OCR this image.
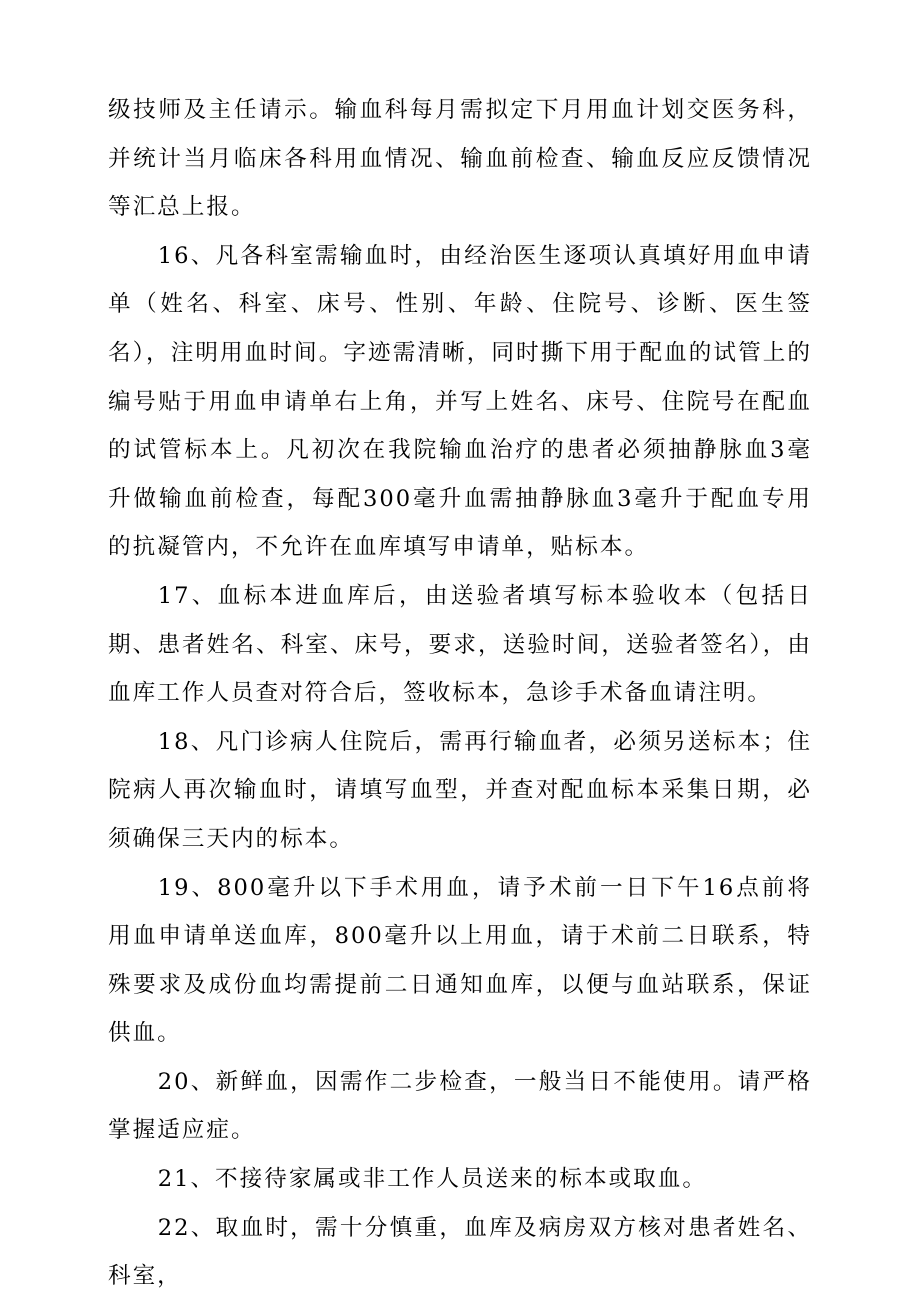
级技师及主任请示。输血科每月需拟定下月用血计划交医务科，并统计当月临床各科用血情况、输血前检查、输血反应反馈情况等汇总上报。

16、凡各科室需输血时，由经治医生逐项认真填好用血申请单（姓名、科室、床号、性别、年龄、住院号、诊断、医生签名），注明用血时间。字迹需清晰，同时撕下用于配血的试管上的编号贴于用血申请单右上角，并写上姓名、床号、住院号在配血的试管标本上。凡初次在我院输血治疗的患者必须抽静脉血3毫升做输血前检查，每配300毫升血需抽静脉血3毫升于配血专用的抗凝管内，不允许在血库填写申请单，贴标本。

17、血标本进血库后，由送验者填写标本验收本（包括日期、患者姓名、科室、床号，要求，送验时间，送验者签名），由血库工作人员查对符合后，签收标本，急诊手术备血请注明。

18、凡门诊病人住院后，需再行输血者，必须另送标本；住院病人再次输血时，请填写血型，并查对配血标本采集日期，必须确保三天内的标本。

19、800毫升以下手术用血，请予术前一日下午16点前将用血申请单送血库，800毫升以上用血，请于术前二日联系，特殊要求及成份血均需提前二日通知血库，以便与血站联系，保证供血。

20、新鲜血，因需作二步检查，一般当日不能使用。请严格掌握适应症。

21、不接待家属或非工作人员送来的标本或取血。

22、取血时，需十分慎重，血库及病房双方核对患者姓名、科室，
